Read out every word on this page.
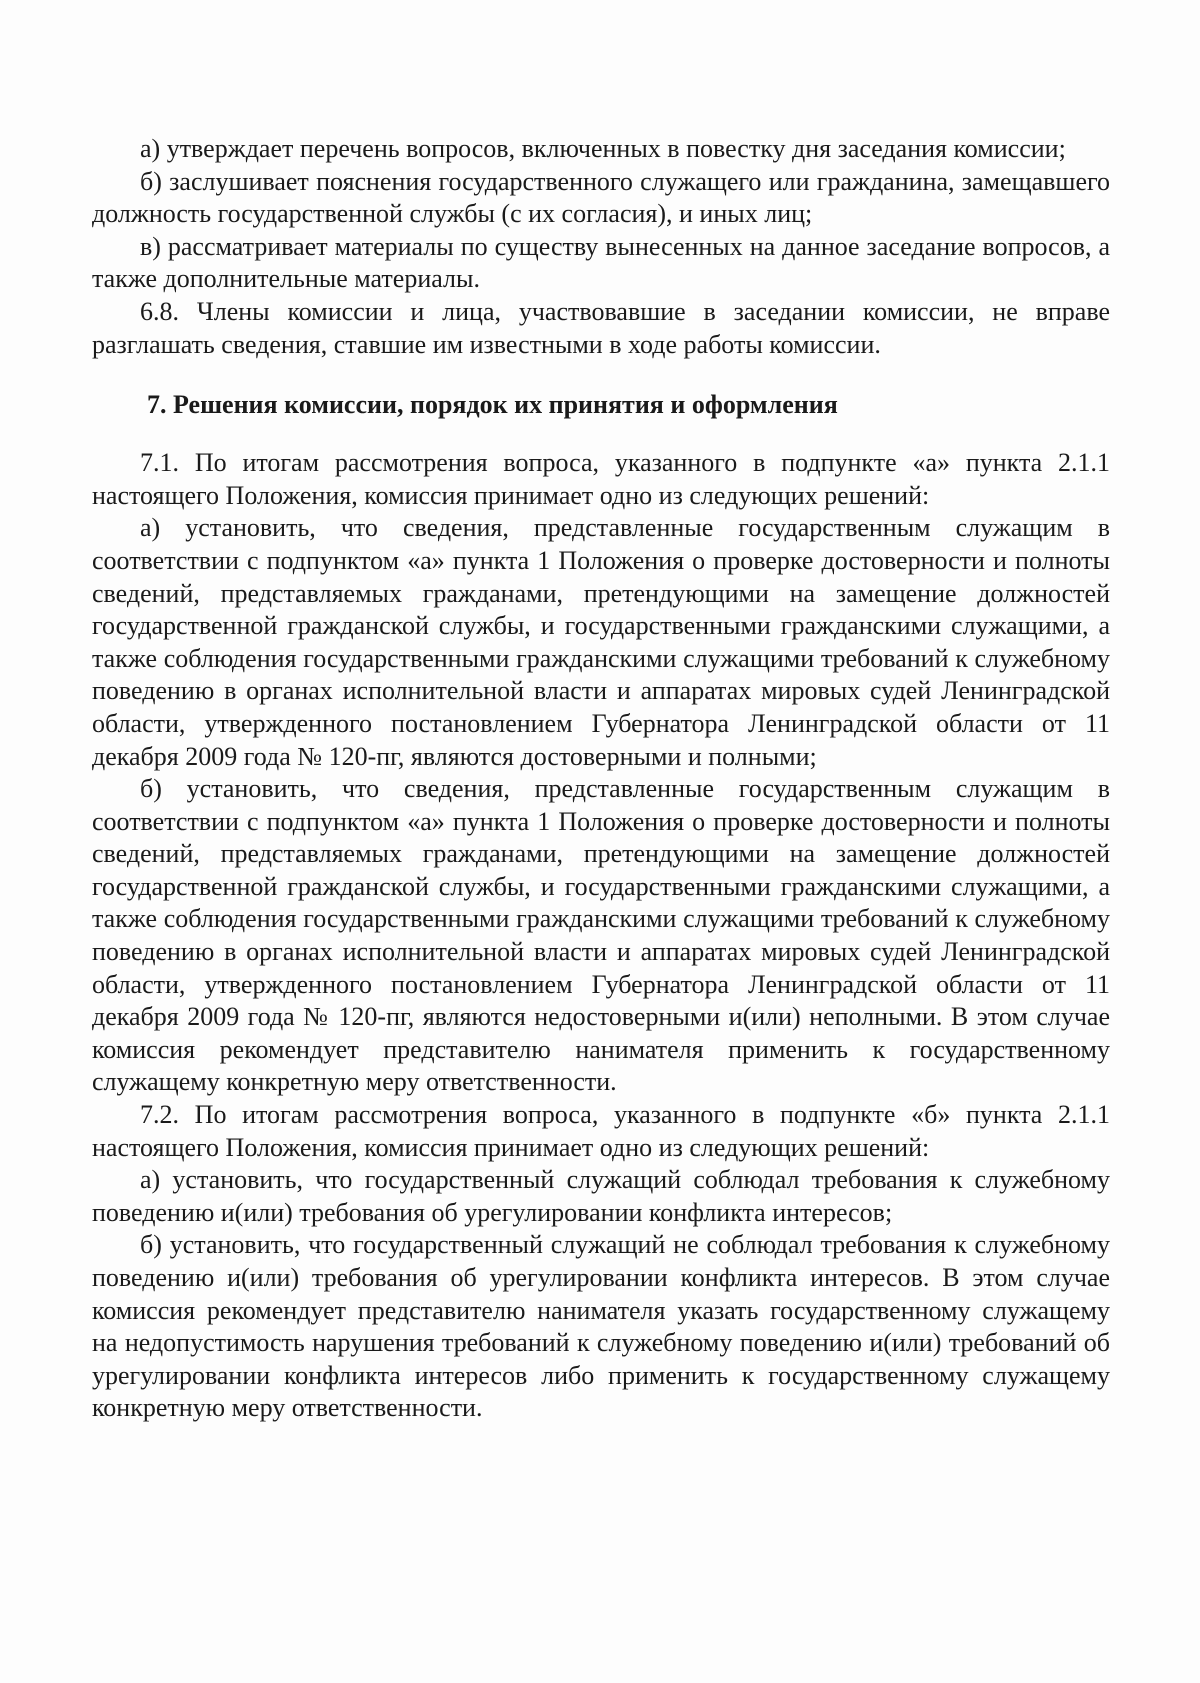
а) утверждает перечень вопросов, включенных в повестку дня заседания комиссии;

б) заслушивает пояснения государственного служащего или гражданина, замещавшего должность государственной службы (с их согласия), и иных лиц;

в) рассматривает материалы по существу вынесенных на данное заседание вопросов, а также дополнительные материалы.

6.8. Члены комиссии и лица, участвовавшие в заседании комиссии, не вправе разглашать сведения, ставшие им известными в ходе работы комиссии.

7. Решения комиссии, порядок их принятия и оформления

7.1. По итогам рассмотрения вопроса, указанного в подпункте «а» пункта 2.1.1 настоящего Положения, комиссия принимает одно из следующих решений:

а) установить, что сведения, представленные государственным служащим в соответствии с подпунктом «а» пункта 1 Положения о проверке достоверности и полноты сведений, представляемых гражданами, претендующими на замещение должностей государственной гражданской службы, и государственными гражданскими служащими, а также соблюдения государственными гражданскими служащими требований к служебному поведению в органах исполнительной власти и аппаратах мировых судей Ленинградской области, утвержденного постановлением Губернатора Ленинградской области от 11 декабря 2009 года № 120-пг, являются достоверными и полными;

б) установить, что сведения, представленные государственным служащим в соответствии с подпунктом «а» пункта 1 Положения о проверке достоверности и полноты сведений, представляемых гражданами, претендующими на замещение должностей государственной гражданской службы, и государственными гражданскими служащими, а также соблюдения государственными гражданскими служащими требований к служебному поведению в органах исполнительной власти и аппаратах мировых судей Ленинградской области, утвержденного постановлением Губернатора Ленинградской области от 11 декабря 2009 года № 120-пг, являются недостоверными и(или) неполными. В этом случае комиссия рекомендует представителю нанимателя применить к государственному служащему конкретную меру ответственности.

7.2. По итогам рассмотрения вопроса, указанного в подпункте «б» пункта 2.1.1 настоящего Положения, комиссия принимает одно из следующих решений:

а) установить, что государственный служащий соблюдал требования к служебному поведению и(или) требования об урегулировании конфликта интересов;

б) установить, что государственный служащий не соблюдал требования к служебному поведению и(или) требования об урегулировании конфликта интересов. В этом случае комиссия рекомендует представителю нанимателя указать государственному служащему на недопустимость нарушения требований к служебному поведению и(или) требований об урегулировании конфликта интересов либо применить к государственному служащему конкретную меру ответственности.
